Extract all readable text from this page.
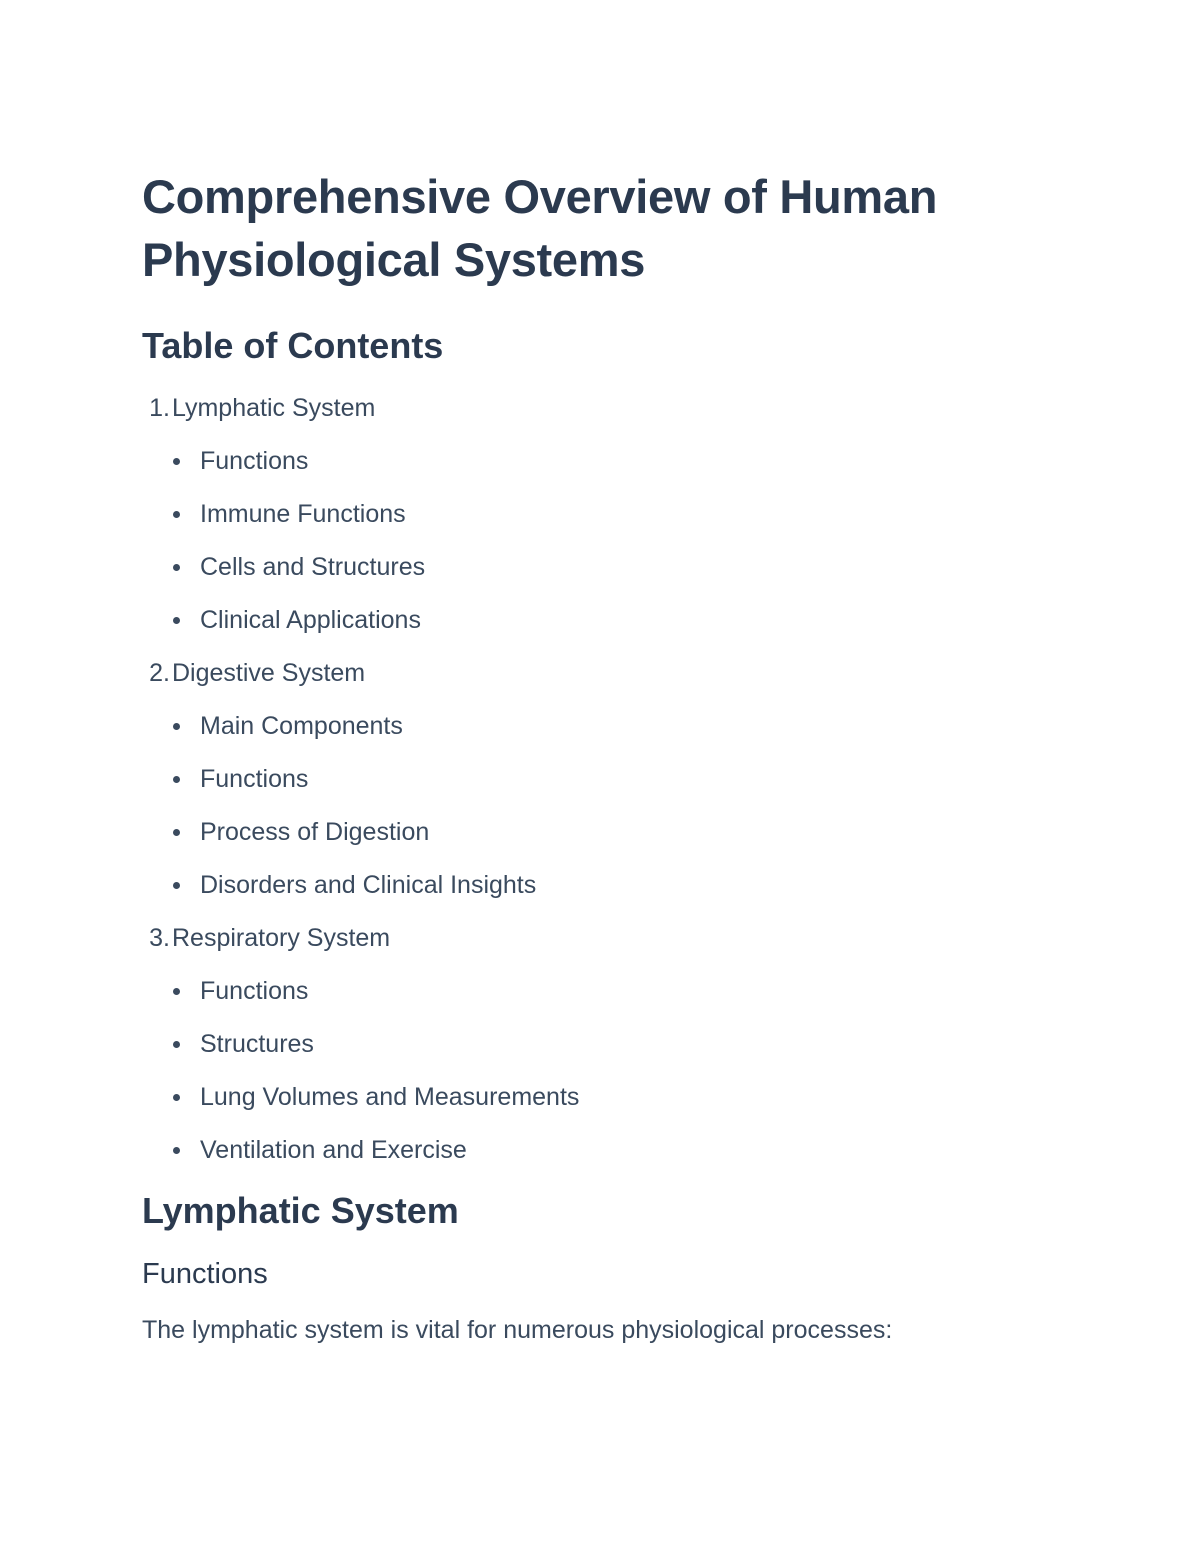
Comprehensive Overview of Human
Physiological Systems
Table of Contents
1. Lymphatic System
Functions
Immune Functions
Cells and Structures
Clinical Applications
2. Digestive System
Main Components
Functions
Process of Digestion
Disorders and Clinical Insights
3. Respiratory System
Functions
Structures
Lung Volumes and Measurements
Ventilation and Exercise
Lymphatic System
Functions

The lymphatic system is vital for numerous physiological processes:
